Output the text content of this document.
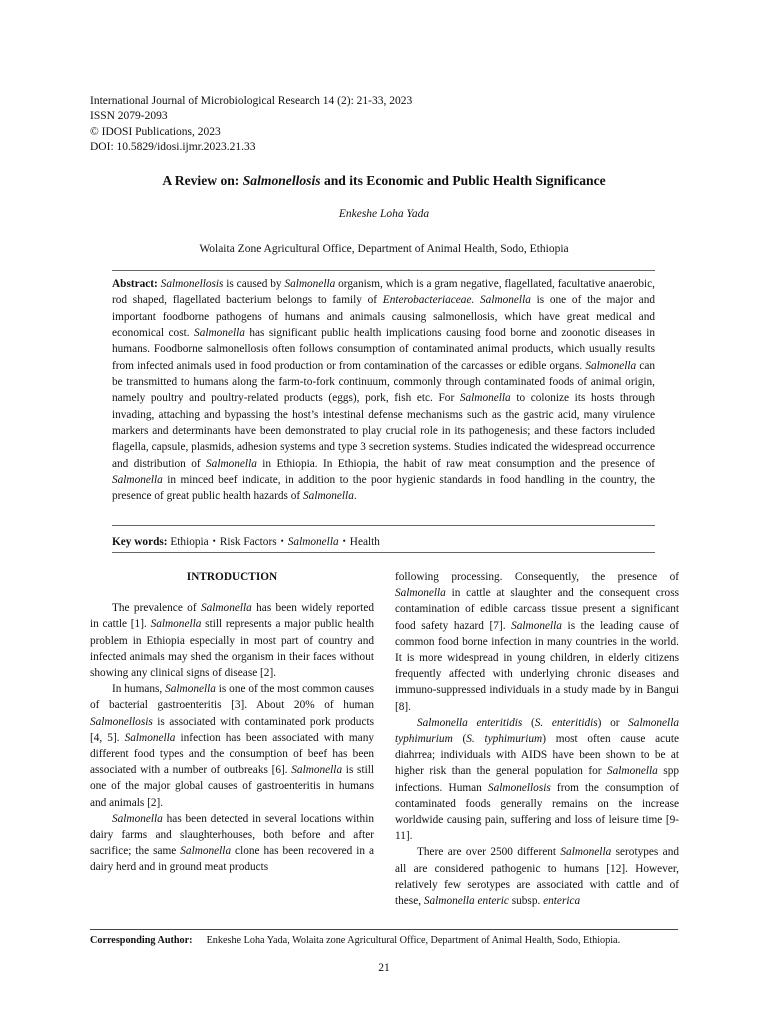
International Journal of Microbiological Research 14 (2): 21-33, 2023
ISSN 2079-2093
© IDOSI Publications, 2023
DOI: 10.5829/idosi.ijmr.2023.21.33
A Review on: Salmonellosis and its Economic and Public Health Significance
Enkeshe Loha Yada
Wolaita Zone Agricultural Office, Department of Animal Health, Sodo, Ethiopia
Abstract: Salmonellosis is caused by Salmonella organism, which is a gram negative, flagellated, facultative anaerobic, rod shaped, flagellated bacterium belongs to family of Enterobacteriaceae. Salmonella is one of the major and important foodborne pathogens of humans and animals causing salmonellosis, which have great medical and economical cost. Salmonella has significant public health implications causing food borne and zoonotic diseases in humans. Foodborne salmonellosis often follows consumption of contaminated animal products, which usually results from infected animals used in food production or from contamination of the carcasses or edible organs. Salmonella can be transmitted to humans along the farm-to-fork continuum, commonly through contaminated foods of animal origin, namely poultry and poultry-related products (eggs), pork, fish etc. For Salmonella to colonize its hosts through invading, attaching and bypassing the host’s intestinal defense mechanisms such as the gastric acid, many virulence markers and determinants have been demonstrated to play crucial role in its pathogenesis; and these factors included flagella, capsule, plasmids, adhesion systems and type 3 secretion systems. Studies indicated the widespread occurrence and distribution of Salmonella in Ethiopia. In Ethiopia, the habit of raw meat consumption and the presence of Salmonella in minced beef indicate, in addition to the poor hygienic standards in food handling in the country, the presence of great public health hazards of Salmonella.
Key words: Ethiopia • Risk Factors • Salmonella • Health
INTRODUCTION

The prevalence of Salmonella has been widely reported in cattle [1]. Salmonella still represents a major public health problem in Ethiopia especially in most part of country and infected animals may shed the organism in their faces without showing any clinical signs of disease [2].

In humans, Salmonella is one of the most common causes of bacterial gastroenteritis [3]. About 20% of human Salmonellosis is associated with contaminated pork products [4, 5]. Salmonella infection has been associated with many different food types and the consumption of beef has been associated with a number of outbreaks [6]. Salmonella is still one of the major global causes of gastroenteritis in humans and animals [2].

Salmonella has been detected in several locations within dairy farms and slaughterhouses, both before and after sacrifice; the same Salmonella clone has been recovered in a dairy herd and in ground meat products

following processing. Consequently, the presence of Salmonella in cattle at slaughter and the consequent cross contamination of edible carcass tissue present a significant food safety hazard [7]. Salmonella is the leading cause of common food borne infection in many countries in the world. It is more widespread in young children, in elderly citizens frequently affected with underlying chronic diseases and immuno-suppressed individuals in a study made by in Bangui [8].

Salmonella enteritidis (S. enteritidis) or Salmonella typhimurium (S. typhimurium) most often cause acute diahrrea; individuals with AIDS have been shown to be at higher risk than the general population for Salmonella spp infections. Human Salmonellosis from the consumption of contaminated foods generally remains on the increase worldwide causing pain, suffering and loss of leisure time [9-11].

There are over 2500 different Salmonella serotypes and all are considered pathogenic to humans [12]. However, relatively few serotypes are associated with cattle and of these, Salmonella enteric subsp. enterica

Corresponding Author: Enkeshe Loha Yada, Wolaita zone Agricultural Office, Department of Animal Health, Sodo, Ethiopia.
21
